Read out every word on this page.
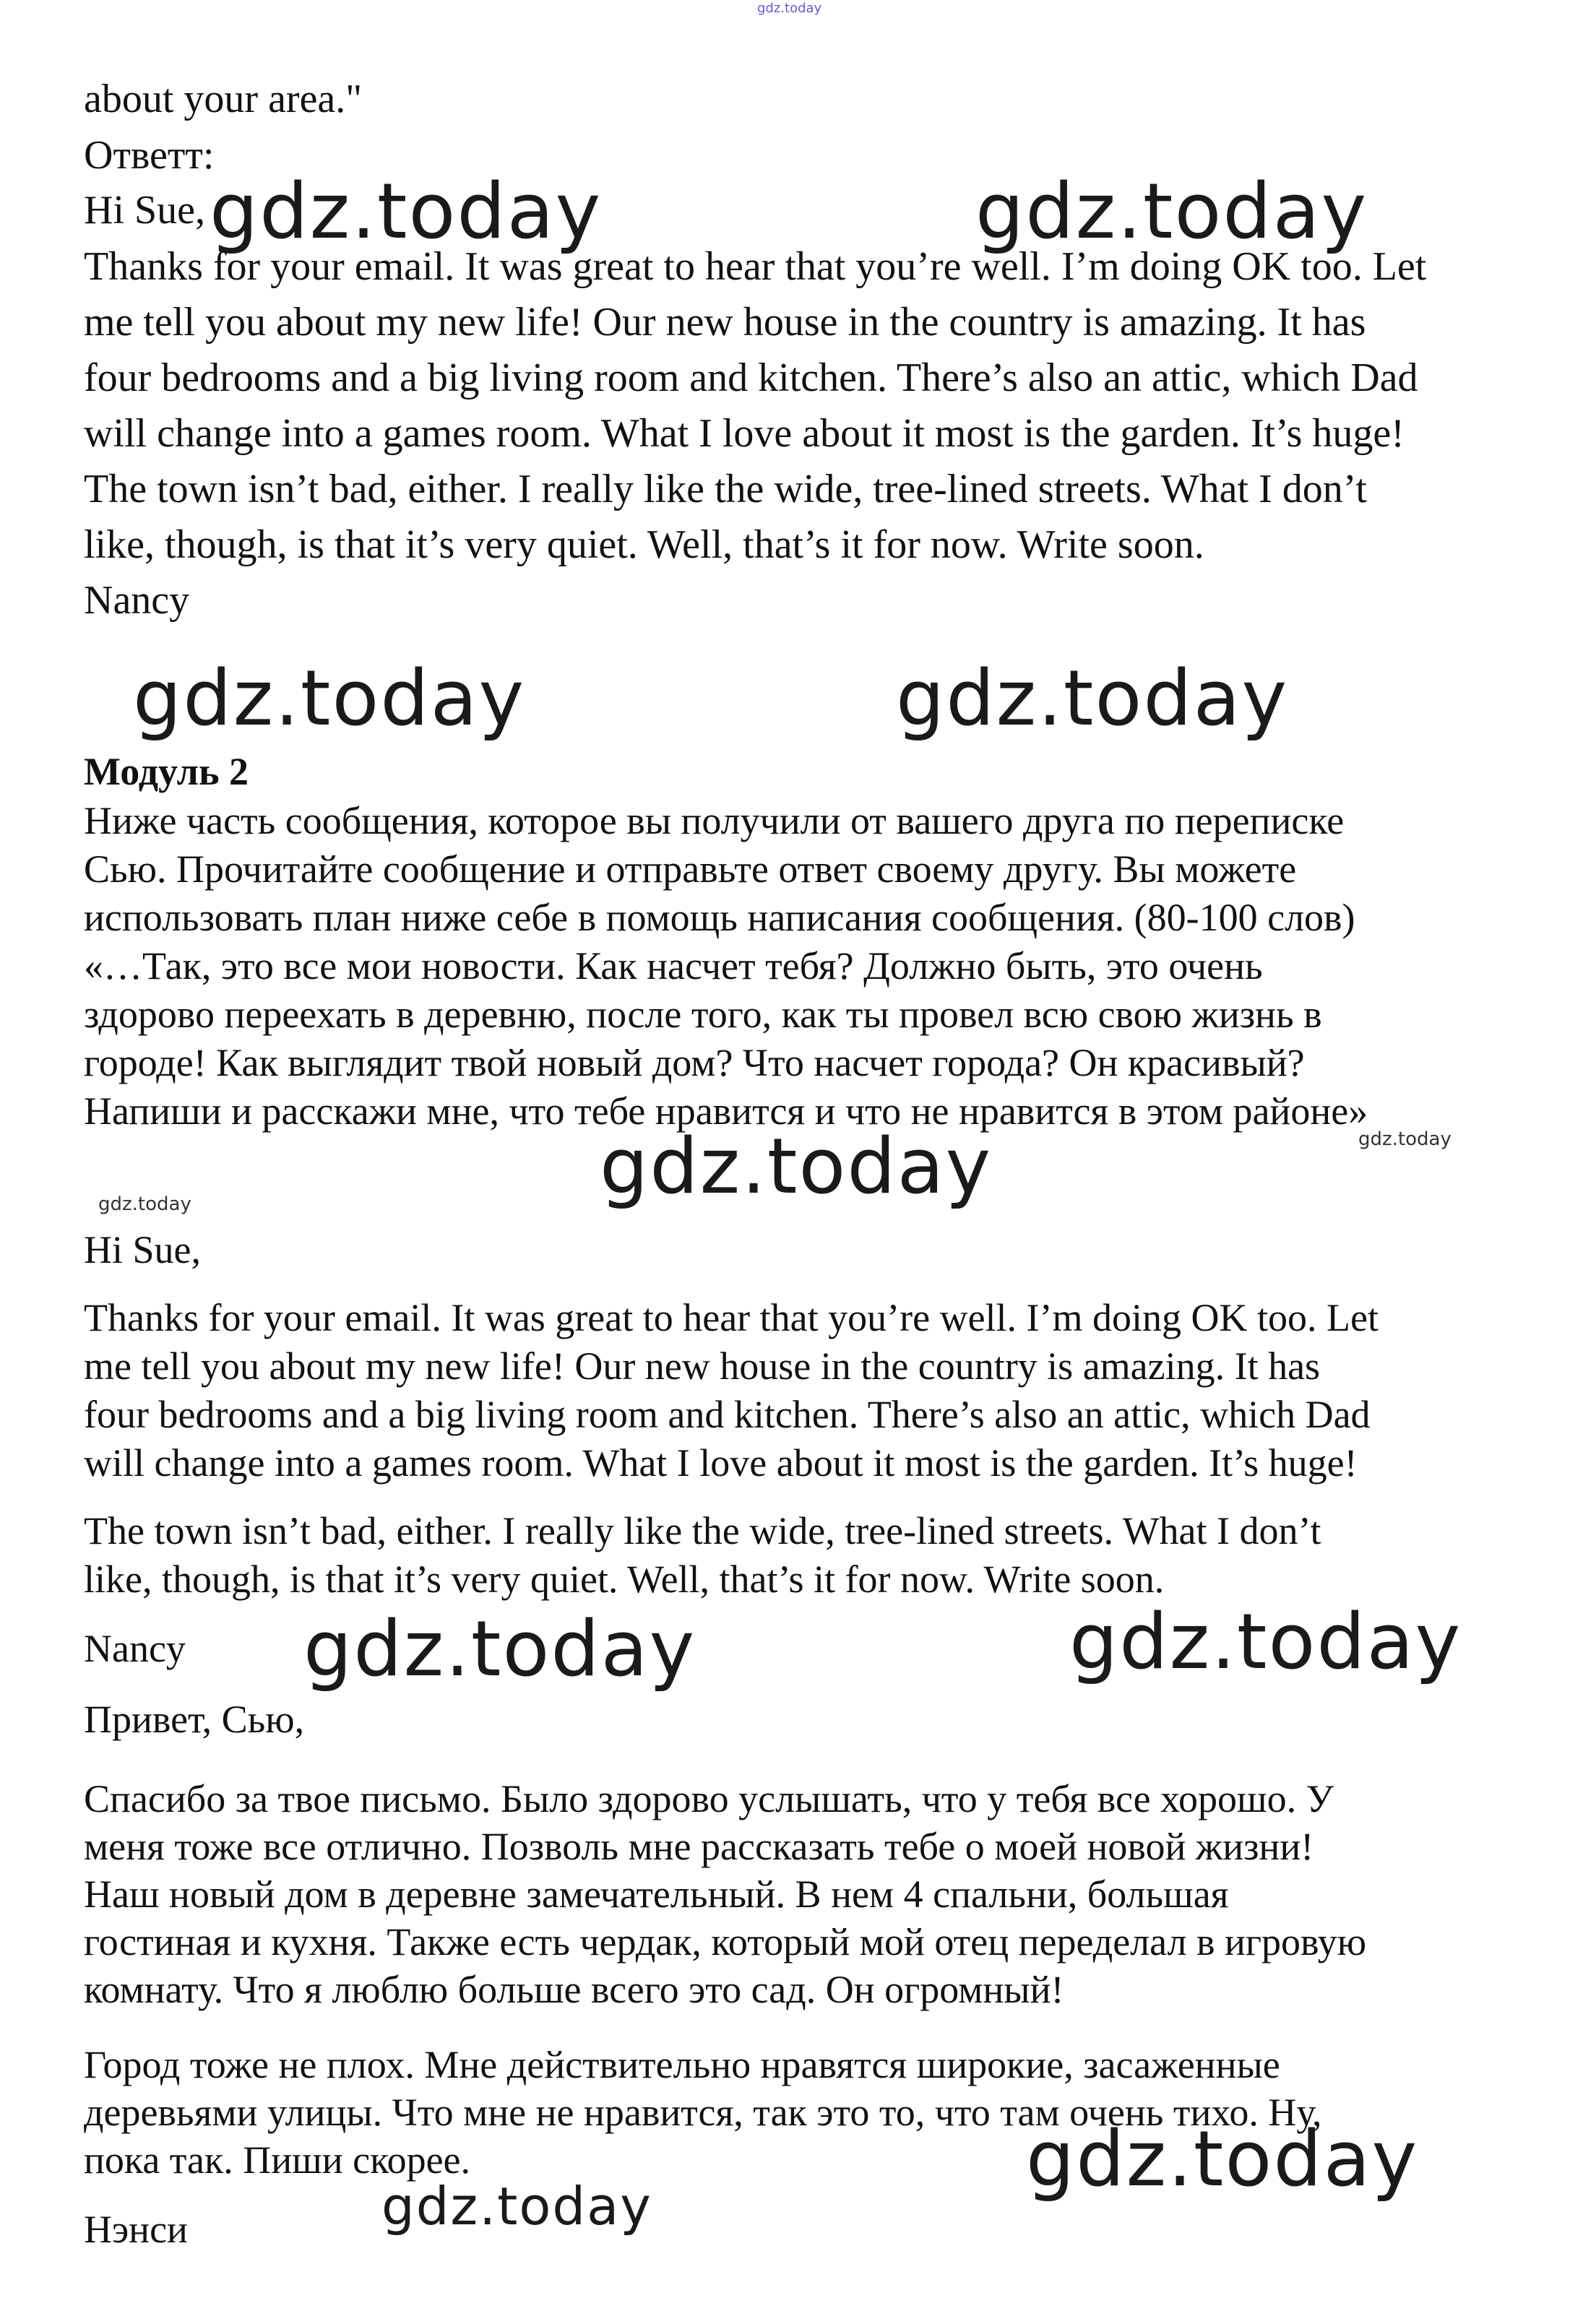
gdz.today

about your area."

Ответт:

Hi Sue, gdz.today	gdz.today

Thanks for your email. It was great to hear that you’re well. I’m doing OK too. Let

me tell you about my new life! Our new house in the country is amazing. It has

four bedrooms and a big living room and kitchen. There’s also an attic, which Dad

will change into a games room. What I love about it most is the garden. It’s huge!

The town isn’t bad, either. I really like the wide, tree-lined streets. What I don’t

like, though, is that it’s very quiet. Well, that’s it for now. Write soon.

Nancy

gdz.today	gdz.today

Модуль 2

Ниже часть сообщения, которое вы получили от вашего друга по переписке

Сью. Прочитайте сообщение и отправьте ответ своему другу. Вы можете

использовать план ниже себе в помощь написания сообщения. (80-100 слов)

«…Так, это все мои новости. Как насчет тебя? Должно быть, это очень

здорово переехать в деревню, после того, как ты провел всю свою жизнь в

городе! Как выглядит твой новый дом? Что насчет города? Он красивый?

Напиши и расскажи мне, что тебе нравится и что не нравится в этом районе»

gdz.today
gdz.today
gdz.today

Hi Sue,

Thanks for your email. It was great to hear that you’re well. I’m doing OK too. Let

me tell you about my new life! Our new house in the country is amazing. It has

four bedrooms and a big living room and kitchen. There’s also an attic, which Dad

will change into a games room. What I love about it most is the garden. It’s huge!

The town isn’t bad, either. I really like the wide, tree-lined streets. What I don’t

like, though, is that it’s very quiet. Well, that’s it for now. Write soon.

Nancy gdz.today	gdz.today

Привет, Сью,

Спасибо за твое письмо. Было здорово услышать, что у тебя все хорошо. У

меня тоже все отлично. Позволь мне рассказать тебе о моей новой жизни!

Наш новый дом в деревне замечательный. В нем 4 спальни, большая

гостиная и кухня. Также есть чердак, который мой отец переделал в игровую

комнату. Что я люблю больше всего это сад. Он огромный!

Город тоже не плох. Мне действительно нравятся широкие, засаженные

деревьями улицы. Что мне не нравится, так это то, что там очень тихо. Ну,

пока так. Пиши скорее.	gdz.today
gdz.today

Нэнси
